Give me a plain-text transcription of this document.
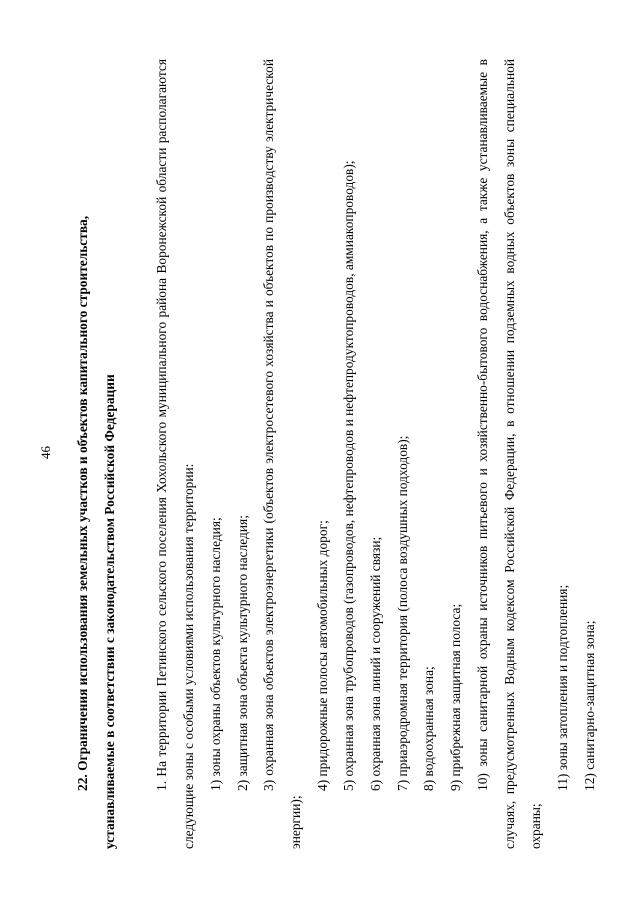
46	22. Ограничения использования земельных участков и объектов капитального строительства, устанавливаемые в соответствии с законодательством Российской Федерации	1. На территории Петинского сельского поселения Хохольского муниципального района Воронежской области располагаются следующие зоны с особыми условиями использования территории: 1) зоны охраны объектов культурного наследия; 2) защитная зона объекта культурного наследия; 3) охранная зона объектов электроэнергетики (объектов электросетевого хозяйства и объектов по производству электрической энергии);

4) придорожные полосы автомобильных дорог; 5) охранная зона трубопроводов (газопроводов, нефтепроводов и нефтепродуктопроводов, аммиакопроводов); 6) охранная зона линий и сооружений связи; 7) приаэродромная территория (полоса воздушных подходов); 8) водоохранная зона; 9) прибрежная защитная полоса; 10) зоны санитарной охраны источников питьевого и хозяйственно-бытового водоснабжения, а также устанавливаемые в случаях, предусмотренных Водным кодексом Российской Федерации, в отношении подземных водных объектов зоны специальной охраны;

11) зоны затопления и подтопления; 12) санитарно-защитная зона;
